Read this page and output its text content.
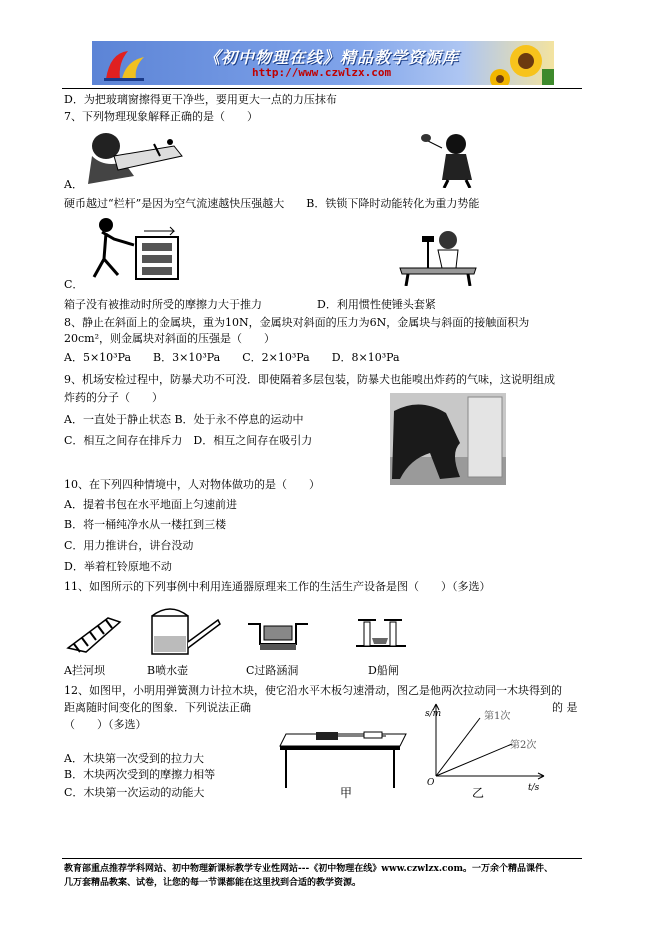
《初中物理在线》精品教学资源库
http://www.czwlzx.com
D．为把玻璃窗擦得更干净些，要用更大一点的力压抹布
7、下列物理现象解释正确的是（　　）
A．
硬币越过“栏杆”是因为空气流速越快压强越大　　B．铁锁下降时动能转化为重力势能
C．
箱子没有被推动时所受的摩擦力大于推力　　　　　D．利用惯性使锤头套紧
8、静止在斜面上的金属块，重为10N，金属块对斜面的压力为6N，金属块与斜面的接触面积为
20cm²，则金属块对斜面的压强是（　　）
A．5×10³Pa　　B．3×10³Pa　　C．2×10³Pa　　D．8×10³Pa
9、机场安检过程中，防暴犬功不可没．即使隔着多层包装，防暴犬也能嗅出炸药的气味，这说明组成
炸药的分子（　　）
A．一直处于静止状态 B．处于永不停息的运动中
C．相互之间存在排斥力　D．相互之间存在吸引力
10、在下列四种情境中，人对物体做功的是（　　）
A．提着书包在水平地面上匀速前进
B．将一桶纯净水从一楼扛到三楼
C．用力推讲台，讲台没动
D．举着杠铃原地不动
11、如图所示的下列事例中利用连通器原理来工作的生活生产设备是图（　　）（多选）
A拦河坝	B喷水壶	C过路涵洞	D船闸
12、如图甲，小明用弹簧测力计拉木块，使它沿水平木板匀速滑动，图乙是他两次拉动同一木块得到的
距离随时间变化的图象．下列说法正确	的 是
（　　）（多选）
A．木块第一次受到的拉力大
B．木块两次受到的摩擦力相等
C．木块第一次运动的动能大	甲
s/m
t/s
O
第1次
第2次
乙
教育部重点推荐学科网站、初中物理新课标教学专业性网站---《初中物理在线》www.czwlzx.com。一万余个精品课件、
几万套精品教案、试卷，让您的每一节课都能在这里找到合适的教学资源。
